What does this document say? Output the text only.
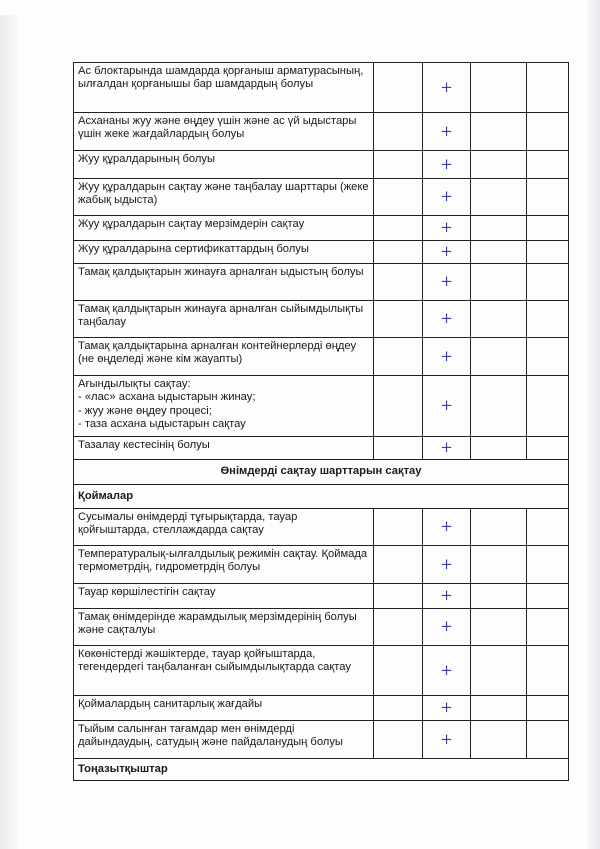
Ас блоктарында шамдарда қорғаныш арматурасының, ылғалдан қорғанышы бар шамдардың болуы		+		
Асхананы жуу және өңдеу үшін және ас үй ыдыстары үшін жеке жағдайлардың болуы		+		
Жуу құралдарының болуы		+		
Жуу құралдарын сақтау және таңбалау шарттары (жеке жабық ыдыста)		+		
Жуу құралдарын сақтау мерзімдерін сақтау		+		
Жуу құралдарына сертификаттардың болуы		+		
Тамақ қалдықтарын жинауға арналған ыдыстың болуы		+		
Тамақ қалдықтарын жинауға арналған сыйымдылықты таңбалау		+		
Тамақ қалдықтарына арналған контейнерлерді өңдеу (не өңделеді және кім жауапты)		+		
Ағындылықты сақтау:
- «лас» асхана ыдыстарын жинау;
- жуу және өңдеу процесі;
- таза асхана ыдыстарын сақтау		+		
Тазалау кестесінің болуы		+		
Өнімдерді сақтау шарттарын сақтау				
Қоймалар				
Сусымалы өнімдерді тұғырықтарда, тауар қойғыштарда, стеллаждарда сақтау		+		
Температуралық-ылғалдылық режимін сақтау. Қоймада термометрдің, гидрометрдің болуы		+		
Тауар көршілестігін сақтау		+		
Тамақ өнімдерінде жарамдылық мерзімдерінің болуы және сақталуы		+		
Көкөністерді жәшіктерде, тауар қойғыштарда, тегендердегі таңбаланған сыйымдылықтарда сақтау		+		
Қоймалардың санитарлық жағдайы		+		
Тыйым салынған тағамдар мен өнімдерді дайындаудың, сатудың және пайдаланудың болуы		+		
Тоңазытқыштар				
